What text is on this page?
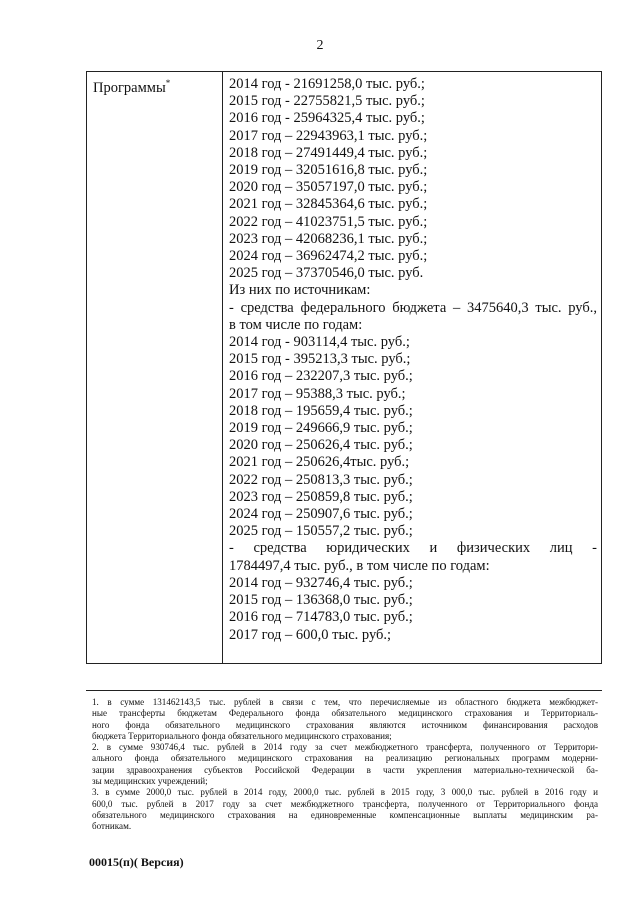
2
Программы*	2014 год - 21691258,0 тыс. руб.;
2015 год - 22755821,5 тыс. руб.;
2016 год - 25964325,4 тыс. руб.;
2017 год – 22943963,1 тыс. руб.;
2018 год – 27491449,4 тыс. руб.;
2019 год – 32051616,8 тыс. руб.;
2020 год – 35057197,0 тыс. руб.;
2021 год – 32845364,6 тыс. руб.;
2022 год – 41023751,5 тыс. руб.;
2023 год – 42068236,1 тыс. руб.;
2024 год – 36962474,2 тыс. руб.;
2025 год – 37370546,0 тыс. руб.
Из них по источникам:
- средства федерального бюджета – 3475640,3 тыс. руб.,
в том числе по годам:
2014 год - 903114,4 тыс. руб.;
2015 год - 395213,3 тыс. руб.;
2016 год – 232207,3 тыс. руб.;
2017 год – 95388,3 тыс. руб.;
2018 год – 195659,4 тыс. руб.;
2019 год – 249666,9 тыс. руб.;
2020 год – 250626,4 тыс. руб.;
2021 год – 250626,4тыс. руб.;
2022 год – 250813,3 тыс. руб.;
2023 год – 250859,8 тыс. руб.;
2024 год – 250907,6 тыс. руб.;
2025 год – 150557,2 тыс. руб.;
- средства юридических и физических лиц -
1784497,4 тыс. руб., в том числе по годам:
2014 год – 932746,4 тыс. руб.;
2015 год – 136368,0 тыс. руб.;
2016 год – 714783,0 тыс. руб.;
2017 год – 600,0 тыс. руб.;
1. в сумме 131462143,5 тыс. рублей в связи с тем, что перечисляемые из областного бюджета межбюджет-
ные трансферты бюджетам Федерального фонда обязательного медицинского страхования и Территориаль-
ного фонда обязательного медицинского страхования являются источником финансирования расходов
бюджета Территориального фонда обязательного медицинского страхования;
2. в сумме 930746,4 тыс. рублей в 2014 году за счет межбюджетного трансферта, полученного от Территори-
ального фонда обязательного медицинского страхования на реализацию региональных программ модерни-
зации здравоохранения субъектов Российской Федерации в части укрепления материально-технической ба-
зы медицинских учреждений;
3. в сумме 2000,0 тыс. рублей в 2014 году, 2000,0 тыс. рублей в 2015 году, 3 000,0 тыс. рублей в 2016 году и
600,0 тыс. рублей в 2017 году за счет межбюджетного трансферта, полученного от Территориального фонда
обязательного медицинского страхования на единовременные компенсационные выплаты медицинским ра-
ботникам.
00015(п)( Версия)
